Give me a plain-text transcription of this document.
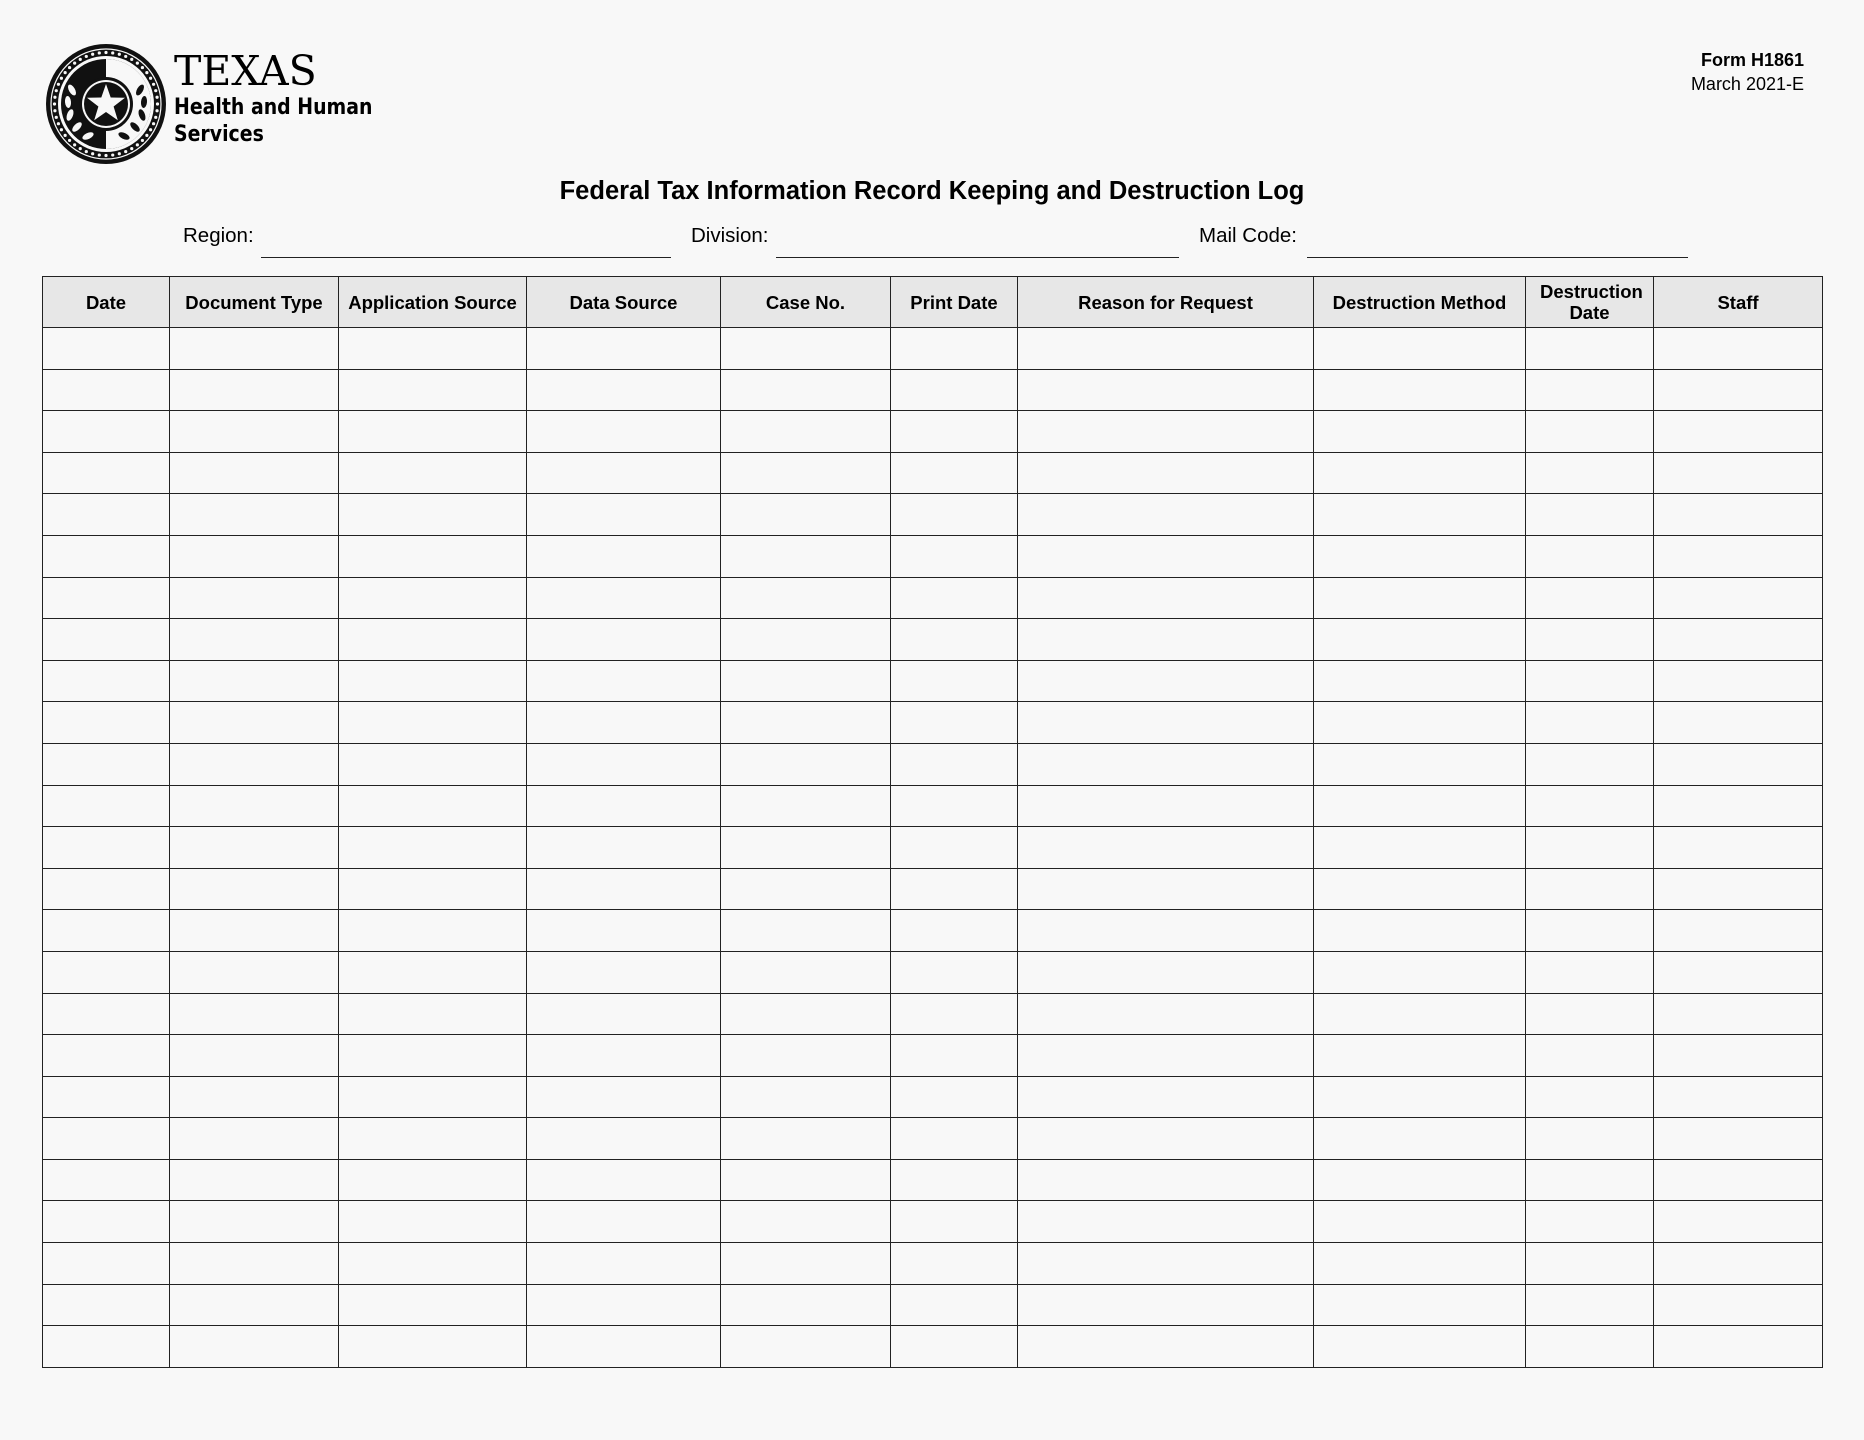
TEXAS
Health and Human
Services
Form H1861
March 2021-E
Federal Tax Information Record Keeping and Destruction Log
Region:	Division:	Mail Code:
Date	Document Type	Application Source	Data Source	Case No.	Print Date	Reason for Request	Destruction Method	Destruction Date	Staff
